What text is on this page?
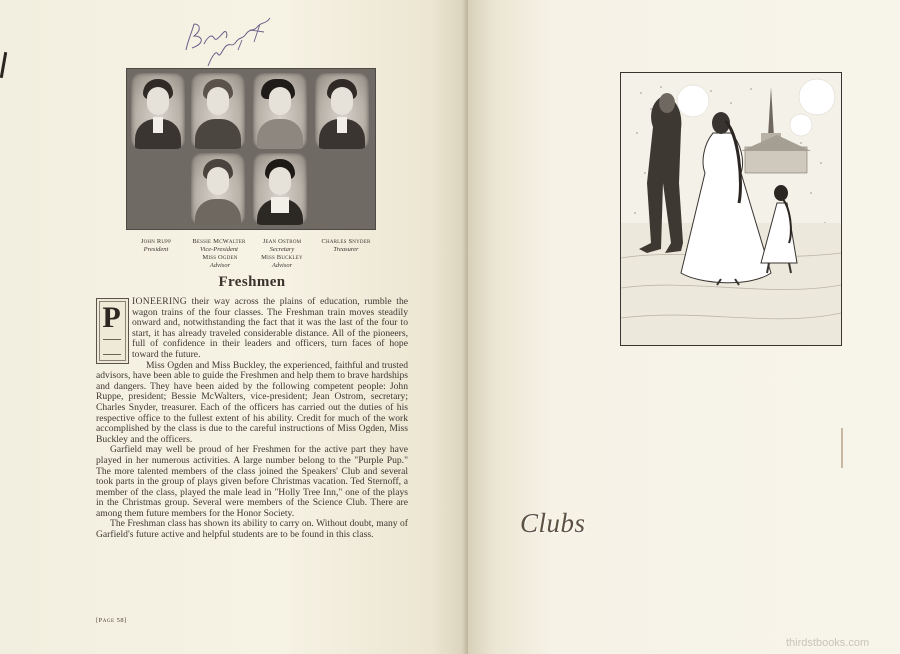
John Rupp
President
Bessie McWalter
Vice-President
Jean Ostrom
Secretary
Charles Snyder
Treasurer
Miss Ogden
Advisor
Miss Buckley
Advisor
Freshmen
P	IONEERING their way across the plains of education, rumble the wagon trains of the four classes. The Freshman train moves steadily onward and, notwithstanding the fact that it was the last of the four to start, it has already traveled considerable distance. All of the pioneers, full of confidence in their leaders and officers, turn faces of hope toward the future.

Miss Ogden and Miss Buckley, the experienced, faithful and trusted advisors, have been able to guide the Freshmen and help them to brave hardships and dangers. They have been aided by the following competent people: John Ruppe, president; Bessie McWalters, vice-president; Jean Ostrom, secretary; Charles Snyder, treasurer. Each of the officers has carried out the duties of his respective office to the fullest extent of his ability. Credit for much of the work accomplished by the class is due to the careful instructions of Miss Ogden, Miss Buckley and the officers.

Garfield may well be proud of her Freshmen for the active part they have played in her numerous activities. A large number belong to the "Purple Pup." The more talented members of the class joined the Speakers' Club and several took parts in the group of plays given before Christmas vacation. Ted Sternoff, a member of the class, played the male lead in "Holly Tree Inn," one of the plays in the Christmas group. Several were members of the Science Club. There are among them future members for the Honor Society.

The Freshman class has shown its ability to carry on. Without doubt, many of Garfield's future active and helpful students are to be found in this class.

[Page 58]
Clubs
thirdstbooks.com
